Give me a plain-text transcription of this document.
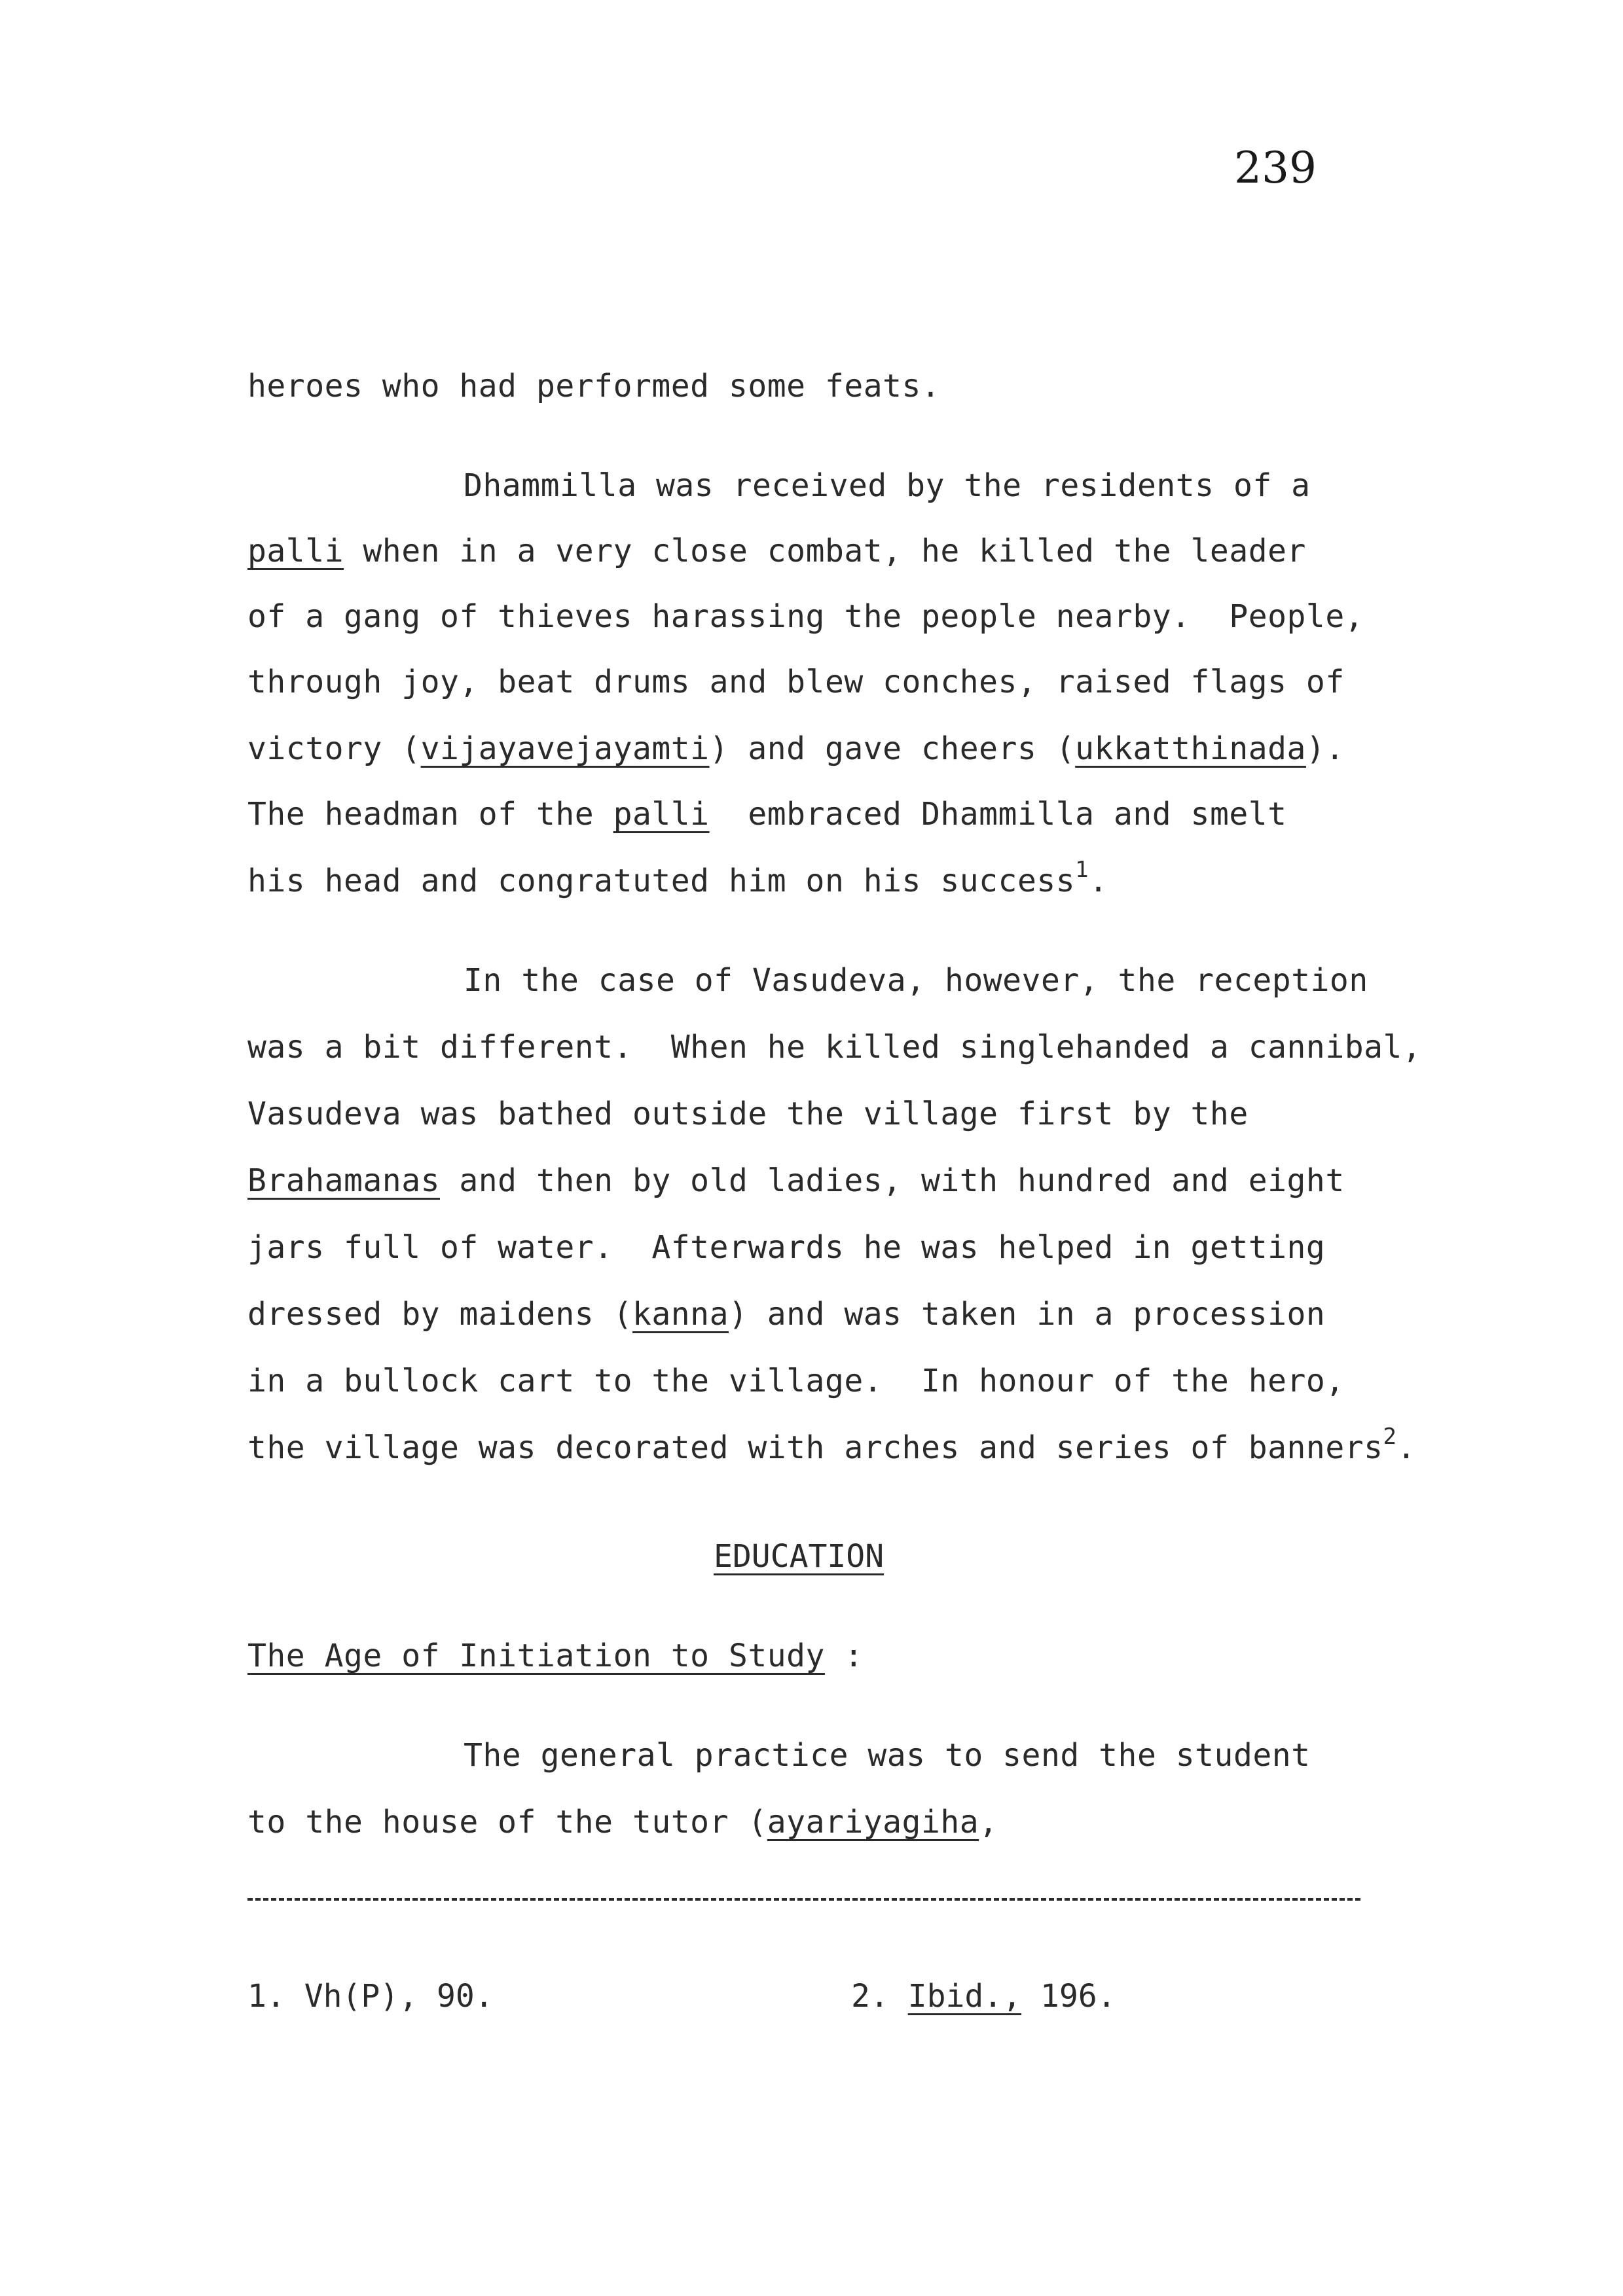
239
heroes who had performed some feats.
Dhammilla was received by the residents of a
palli when in a very close combat, he killed the leader
of a gang of thieves harassing the people nearby.  People,
through joy, beat drums and blew conches, raised flags of
victory (vijayavejayamti) and gave cheers (ukkatthinada).
The headman of the palli  embraced Dhammilla and smelt
his head and congratuted him on his success$^1$.
In the case of Vasudeva, however, the reception
was a bit different.  When he killed singlehanded a cannibal,
Vasudeva was bathed outside the village first by the
Brahamanas and then by old ladies, with hundred and eight
jars full of water.  Afterwards he was helped in getting
dressed by maidens (kanna) and was taken in a procession
in a bullock cart to the village.  In honour of the hero,
the village was decorated with arches and series of banners$^2$.
EDUCATION
The Age of Initiation to Study :
The general practice was to send the student
to the house of the tutor (ayariyagiha,
1. Vh(P), 90.	2. Ibid., 196.
